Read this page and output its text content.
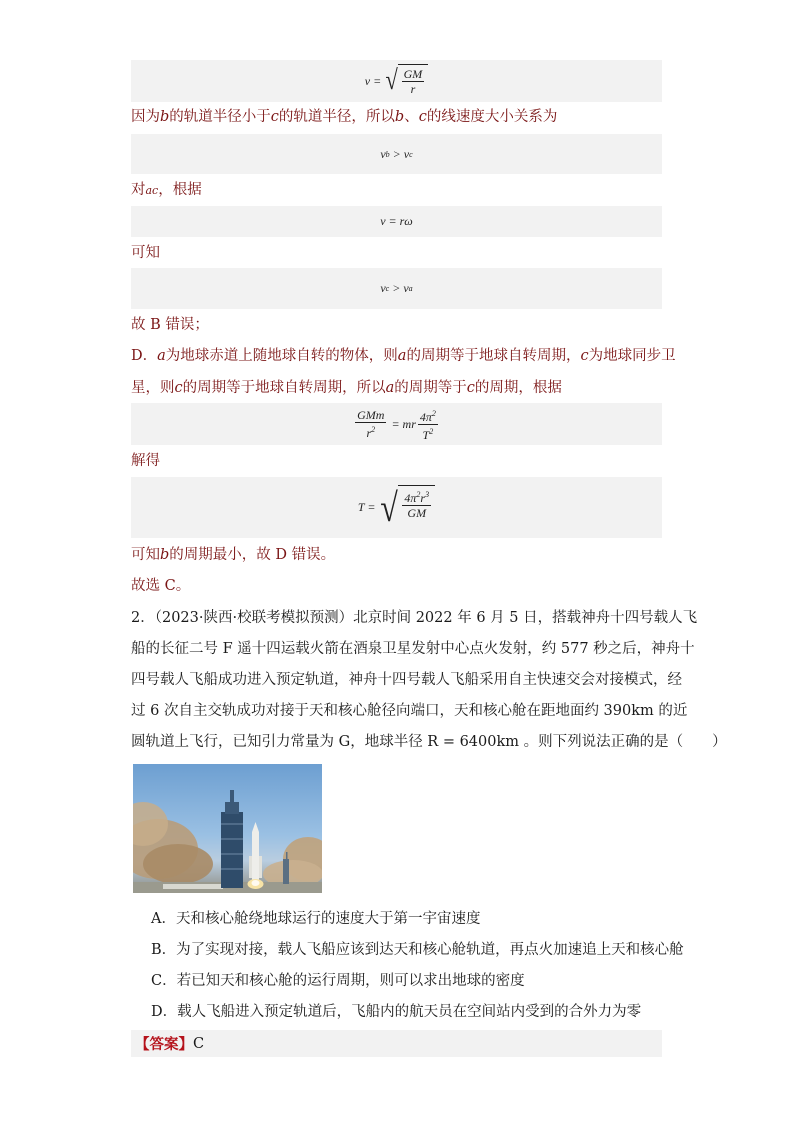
v
=
√ $\frac{GM}{r}$
因为b的轨道半径小于c的轨道半径，所以b、c的线速度大小关系为
v b > v c
对ac，根据
v = rω
可知
v c > v a
故 B 错误；
D．a为地球赤道上随地球自转的物体，则a的周期等于地球自转周期，c为地球同步卫
星，则c的周期等于地球自转周期，所以a的周期等于c的周期，根据
$\frac{\text{GMm}}{r^2}$
= mr $\frac{4\pi^2}{T^2}$
解得
T =
√ $\frac{4\pi^2r^3}{GM}$
可知b的周期最小，故 D 错误。
故选 C。
2．（2023·陕西·校联考模拟预测）北京时间 2022 年 6 月 5 日，搭载神舟十四号载人飞
船的长征二号 F 遥十四运载火箭在酒泉卫星发射中心点火发射，约 577 秒之后，神舟十
四号载人飞船成功进入预定轨道，神舟十四号载人飞船采用自主快速交会对接模式，经
过 6 次自主交轨成功对接于天和核心舱径向端口，天和核心舱在距地面约 390km 的近
圆轨道上飞行，已知引力常量为 G，地球半径 R = 6400km 。则下列说法正确的是（　　）
A．天和核心舱绕地球运行的速度大于第一宇宙速度
B．为了实现对接，载人飞船应该到达天和核心舱轨道，再点火加速追上天和核心舱
C．若已知天和核心舱的运行周期，则可以求出地球的密度
D．载人飞船进入预定轨道后，飞船内的航天员在空间站内受到的合外力为零
【答案】 C
